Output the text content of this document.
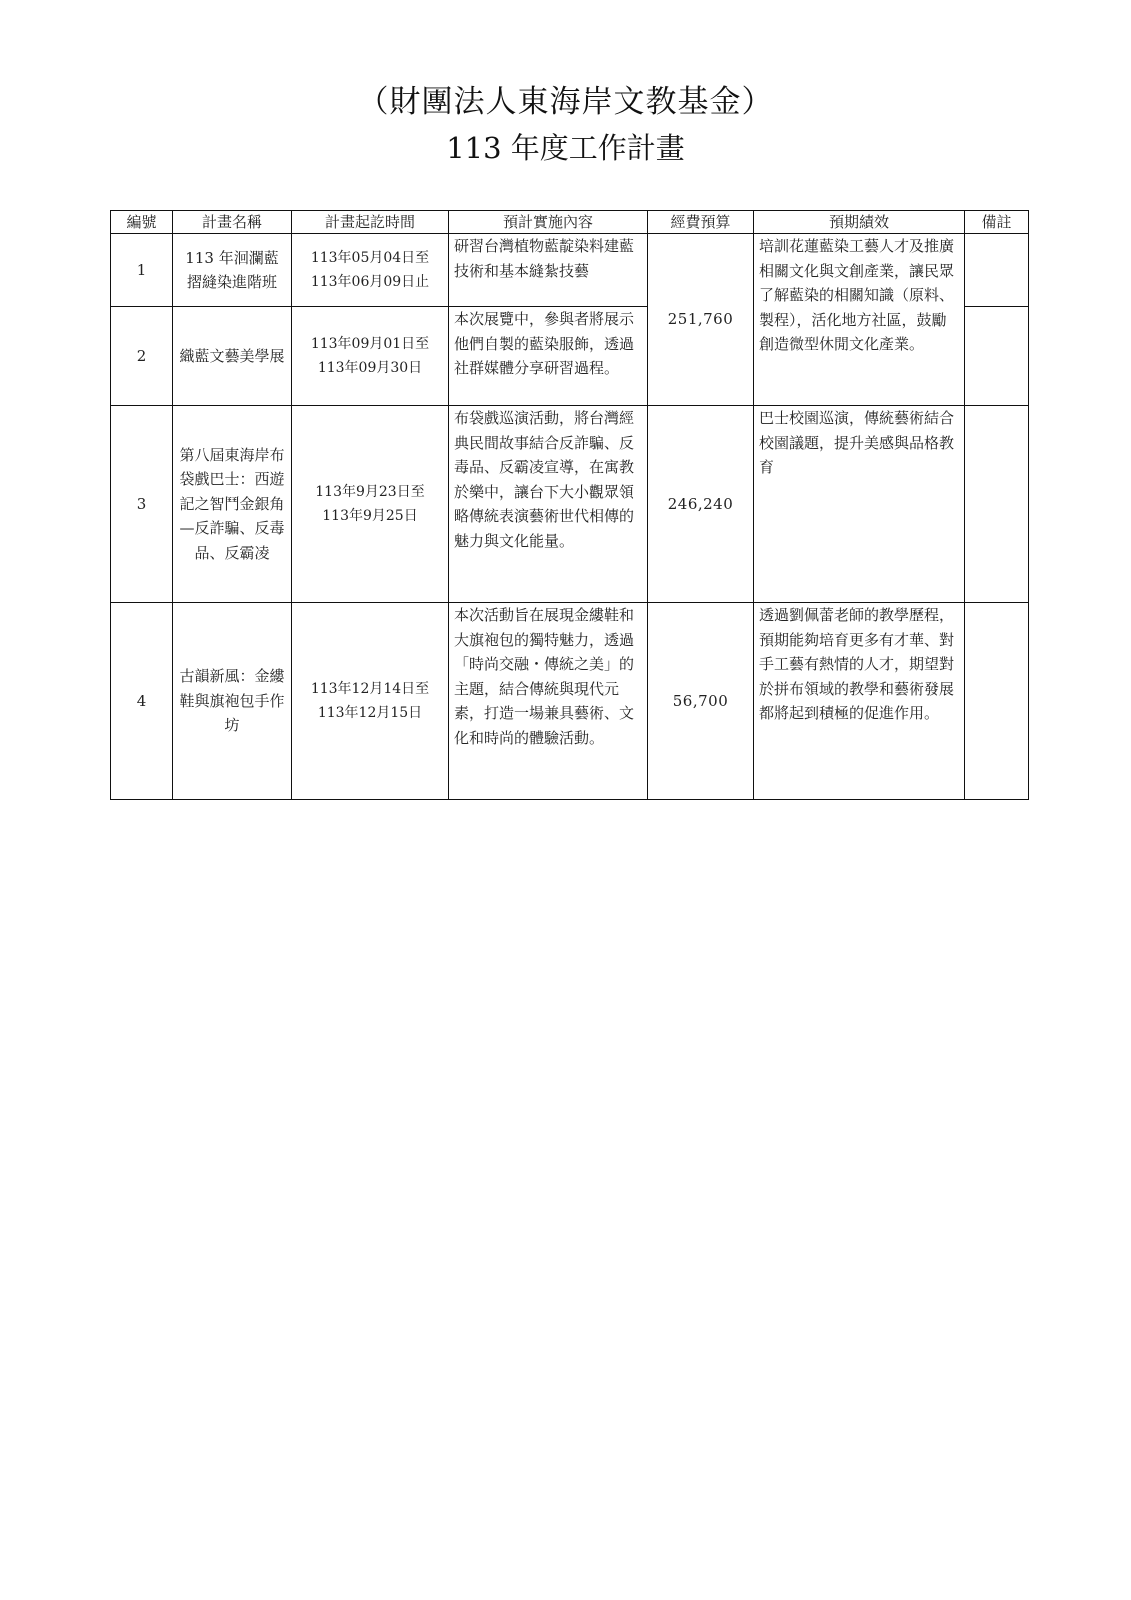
（財團法人東海岸文教基金）
113 年度工作計畫
編號	計畫名稱	計畫起訖時間	預計實施內容	經費預算	預期績效	備註
1	113 年洄瀾藍摺縫染進階班	113年05月04日至
113年06月09日止	研習台灣植物藍靛染料建藍技術和基本縫紮技藝	251,760	培訓花蓮藍染工藝人才及推廣相關文化與文創產業，讓民眾了解藍染的相關知識（原料、製程），活化地方社區，鼓勵創造微型休閒文化產業。	
2	織藍文藝美學展	113年09月01日至
113年09月30日	本次展覽中，參與者將展示他們自製的藍染服飾，透過社群媒體分享研習過程。			
3	第八屆東海岸布袋戲巴士：西遊記之智鬥金銀角—反詐騙、反毒品、反霸凌	113年9月23日至
113年9月25日	布袋戲巡演活動，將台灣經典民間故事結合反詐騙、反毒品、反霸凌宣導，在寓教於樂中，讓台下大小觀眾領略傳統表演藝術世代相傳的魅力與文化能量。	246,240	巴士校園巡演，傳統藝術結合校園議題，提升美感與品格教育	
4	古韻新風：金縷鞋與旗袍包手作坊	113年12月14日至
113年12月15日	本次活動旨在展現金縷鞋和大旗袍包的獨特魅力，透過「時尚交融・傳統之美」的主題，結合傳統與現代元素，打造一場兼具藝術、文化和時尚的體驗活動。	56,700	透過劉佩蕾老師的教學歷程，預期能夠培育更多有才華、對手工藝有熱情的人才，期望對於拼布領域的教學和藝術發展都將起到積極的促進作用。	
